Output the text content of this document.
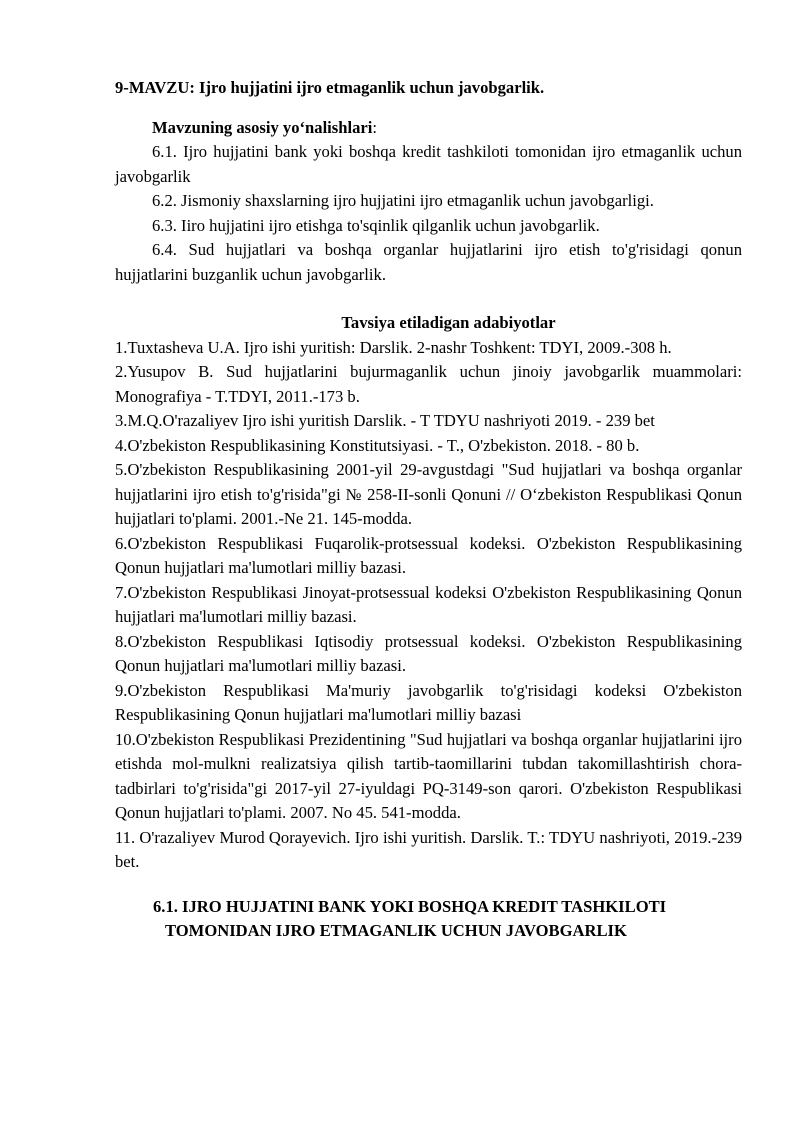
9-MAVZU: Ijro hujjatini ijro etmaganlik uchun javobgarlik.

Mavzuning asosiy yo‘nalishlari:

6.1. Ijro hujjatini bank yoki boshqa kredit tashkiloti tomonidan ijro etmaganlik uchun javobgarlik

6.2. Jismoniy shaxslarning ijro hujjatini ijro etmaganlik uchun javobgarligi.

6.3. Iiro hujjatini ijro etishga to'sqinlik qilganlik uchun javobgarlik.

6.4. Sud hujjatlari va boshqa organlar hujjatlarini ijro etish to'g'risidagi qonun hujjatlarini buzganlik uchun javobgarlik.

Tavsiya etiladigan adabiyotlar

1.Tuxtasheva U.A. Ijro ishi yuritish: Darslik. 2-nashr Toshkent: TDYI, 2009.-308 h.
2.Yusupov B. Sud hujjatlarini bujurmaganlik uchun jinoiy javobgarlik muammolari: Monografiya - T.TDYI, 2011.-173 b.
3.M.Q.O'razaliyev Ijro ishi yuritish Darslik. - T TDYU nashriyoti 2019. - 239 bet
4.O'zbekiston Respublikasining Konstitutsiyasi. - T., O'zbekiston. 2018. - 80 b.
5.O'zbekiston Respublikasining 2001-yil 29-avgustdagi "Sud hujjatlari va boshqa organlar hujjatlarini ijro etish to'g'risida"gi № 258-II-sonli Qonuni // O‘zbekiston Respublikasi Qonun hujjatlari to'plami. 2001.-Ne 21. 145-modda.
6.O'zbekiston Respublikasi Fuqarolik-protsessual kodeksi. O'zbekiston Respublikasining Qonun hujjatlari ma'lumotlari milliy bazasi.
7.O'zbekiston Respublikasi Jinoyat-protsessual kodeksi O'zbekiston Respublikasining Qonun hujjatlari ma'lumotlari milliy bazasi.
8.O'zbekiston Respublikasi Iqtisodiy protsessual kodeksi. O'zbekiston Respublikasining Qonun hujjatlari ma'lumotlari milliy bazasi.
9.O'zbekiston Respublikasi Ma'muriy javobgarlik to'g'risidagi kodeksi O'zbekiston Respublikasining Qonun hujjatlari ma'lumotlari milliy bazasi
10.O'zbekiston Respublikasi Prezidentining "Sud hujjatlari va boshqa organlar hujjatlarini ijro etishda mol-mulkni realizatsiya qilish tartib-taomillarini tubdan takomillashtirish chora-tadbirlari to'g'risida"gi 2017-yil 27-iyuldagi PQ-3149-son qarori. O'zbekiston Respublikasi Qonun hujjatlari to'plami. 2007. No 45. 541-modda.
11. O'razaliyev Murod Qorayevich. Ijro ishi yuritish. Darslik. T.: TDYU nashriyoti, 2019.-239 bet.

6.1. IJRO HUJJATINI BANK YOKI BOSHQA KREDIT TASHKILOTI
TOMONIDAN IJRO ETMAGANLIK UCHUN JAVOBGARLIK
